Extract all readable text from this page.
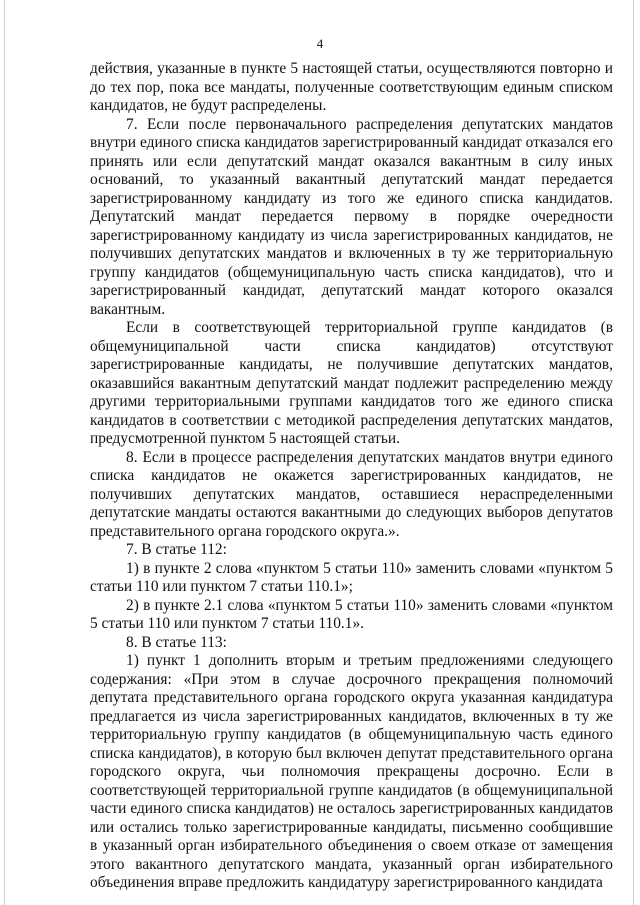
4

действия, указанные в пункте 5 настоящей статьи, осуществляются повторно и до тех пор, пока все мандаты, полученные соответствующим единым списком кандидатов, не будут распределены.

7. Если после первоначального распределения депутатских мандатов внутри единого списка кандидатов зарегистрированный кандидат отказался его принять или если депутатский мандат оказался вакантным в силу иных оснований, то указанный вакантный депутатский мандат передается зарегистрированному кандидату из того же единого списка кандидатов. Депутатский мандат передается первому в порядке очередности зарегистрированному кандидату из числа зарегистрированных кандидатов, не получивших депутатских мандатов и включенных в ту же территориальную группу кандидатов (общемуниципальную часть списка кандидатов), что и зарегистрированный кандидат, депутатский мандат которого оказался вакантным.

Если в соответствующей территориальной группе кандидатов (в общемуниципальной части списка кандидатов) отсутствуют зарегистрированные кандидаты, не получившие депутатских мандатов, оказавшийся вакантным депутатский мандат подлежит распределению между другими территориальными группами кандидатов того же единого списка кандидатов в соответствии с методикой распределения депутатских мандатов, предусмотренной пунктом 5 настоящей статьи.

8. Если в процессе распределения депутатских мандатов внутри единого списка кандидатов не окажется зарегистрированных кандидатов, не получивших депутатских мандатов, оставшиеся нераспределенными депутатские мандаты остаются вакантными до следующих выборов депутатов представительного органа городского округа.».

7. В статье 112:

1) в пункте 2 слова «пунктом 5 статьи 110» заменить словами «пунктом 5 статьи 110 или пунктом 7 статьи 110.1»;

2) в пункте 2.1 слова «пунктом 5 статьи 110» заменить словами «пунктом 5 статьи 110 или пунктом 7 статьи 110.1».

8. В статье 113:

1) пункт 1 дополнить вторым и третьим предложениями следующего содержания: «При этом в случае досрочного прекращения полномочий депутата представительного органа городского округа указанная кандидатура предлагается из числа зарегистрированных кандидатов, включенных в ту же территориальную группу кандидатов (в общемуниципальную часть единого списка кандидатов), в которую был включен депутат представительного органа городского округа, чьи полномочия прекращены досрочно. Если в соответствующей территориальной группе кандидатов (в общемуниципальной части единого списка кандидатов) не осталось зарегистрированных кандидатов или остались только зарегистрированные кандидаты, письменно сообщившие в указанный орган избирательного объединения о своем отказе от замещения этого вакантного депутатского мандата, указанный орган избирательного объединения вправе предложить кандидатуру зарегистрированного кандидата
